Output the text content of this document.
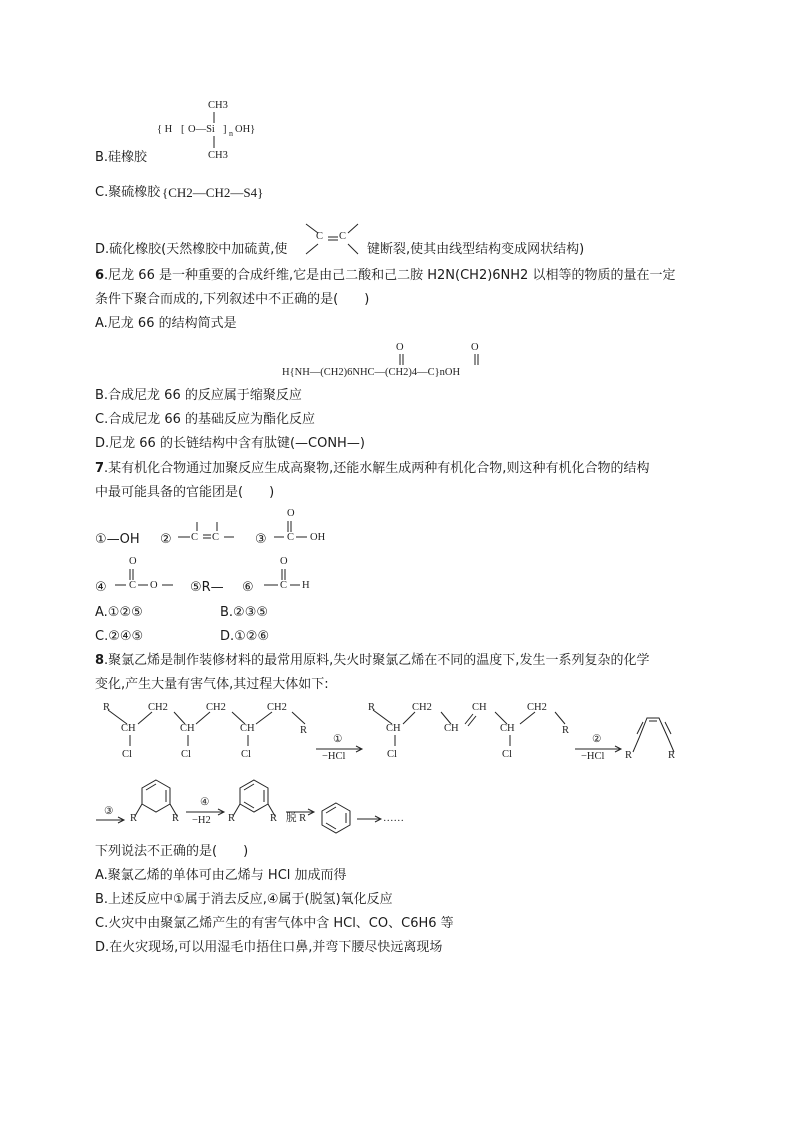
CH3
{ H [ O—Si ] n OH}
CH3
B.硅橡胶
C.聚硫橡胶 {CH2—CH2—S4}
D.硫化橡胶(天然橡胶中加硫黄,使
C C
键断裂,使其由线型结构变成网状结构)
6.尼龙 66 是一种重要的合成纤维,它是由己二酸和己二胺 H2N(CH2)6NH2 以相等的物质的量在一定
条件下聚合而成的,下列叙述中不正确的是(　　)
A.尼龙 66 的结构简式是
O	O
H{NH—(CH2)6NHC—(CH2)4—C}nOH
B.合成尼龙 66 的反应属于缩聚反应
C.合成尼龙 66 的基础反应为酯化反应
D.尼龙 66 的长链结构中含有肽键(—CONH—)
7.某有机化合物通过加聚反应生成高聚物,还能水解生成两种有机化合物,则这种有机化合物的结构
中最可能具备的官能团是(　　)
①—OH ② C C	③
O
C OH
④
O
C O ⑤R— ⑥
O
C H
A.①②⑤	B.②③⑤
C.②④⑤	D.①②⑥
8.聚氯乙烯是制作装修材料的最常用原料,失火时聚氯乙烯在不同的温度下,发生一系列复杂的化学
变化,产生大量有害气体,其过程大体如下:
R	CH2	CH2	CH2
CH	CH	CH	R
Cl	Cl	Cl
①
−HCl
R	CH2	CH	CH2
CH	CH	CH	R
Cl	Cl
②
−HCl R	R
③
R	R
④
−H2 R	R 脱 R	……
下列说法不正确的是(　　)
A.聚氯乙烯的单体可由乙烯与 HCl 加成而得
B.上述反应中①属于消去反应,④属于(脱氢)氧化反应
C.火灾中由聚氯乙烯产生的有害气体中含 HCl、CO、C6H6 等
D.在火灾现场,可以用湿毛巾捂住口鼻,并弯下腰尽快远离现场
